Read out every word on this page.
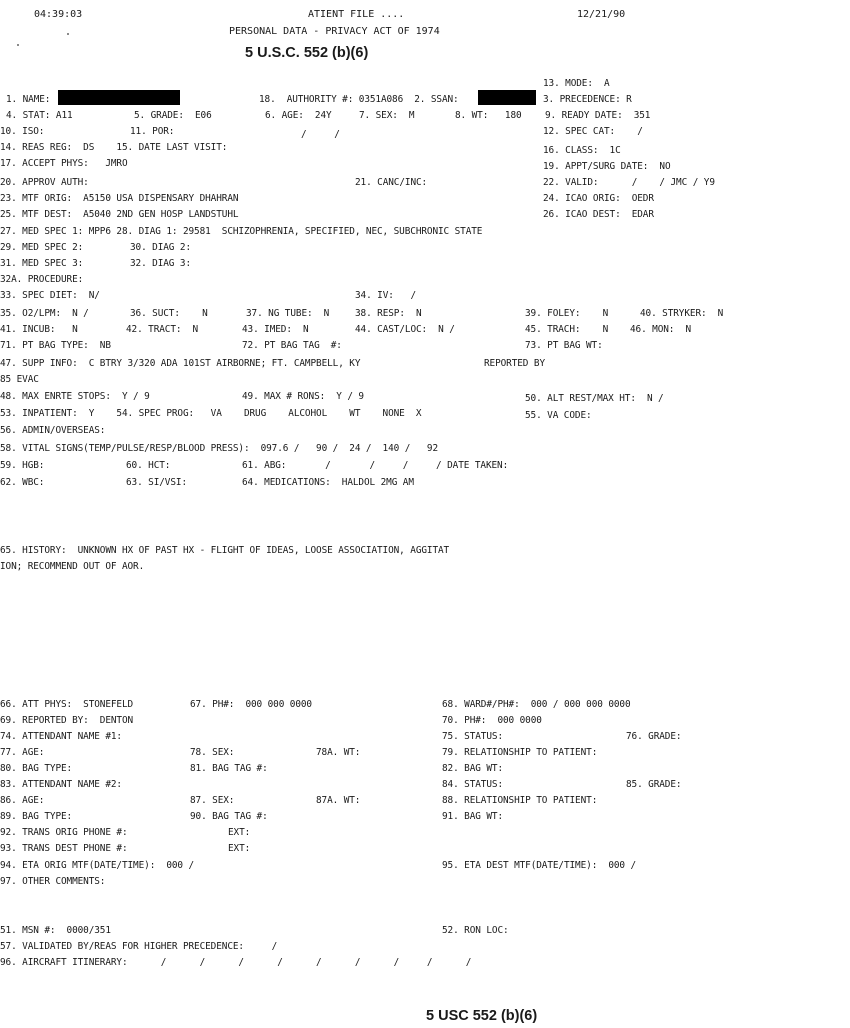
04:39:03	ATIENT FILE ....	12/21/90
PERSONAL DATA - PRIVACY ACT OF 1974
5 U.S.C. 552 (b)(6)
13. MODE:  A
1. NAME:	18.  AUTHORITY #: 0351A086  2. SSAN:	3. PRECEDENCE: R
4. STAT: A11	5. GRADE:  E06	6. AGE:  24Y	7. SEX:  M	8. WT:   180 9. READY DATE:  351
10. ISO:	11. POR:	/     /	12. SPEC CAT:    /
14. REAS REG:  DS    15. DATE LAST VISIT:	16. CLASS:  1C
17. ACCEPT PHYS:   JMRO	19. APPT/SURG DATE:  NO
20. APPROV AUTH:	21. CANC/INC:	22. VALID:      /    / JMC / Y9
23. MTF ORIG:  A5150 USA DISPENSARY DHAHRAN	24. ICAO ORIG:  OEDR
25. MTF DEST:  A5040 2ND GEN HOSP LANDSTUHL	26. ICAO DEST:  EDAR
27. MED SPEC 1: MPP6 28. DIAG 1: 29581  SCHIZOPHRENIA, SPECIFIED, NEC, SUBCHRONIC STATE
29. MED SPEC 2:	30. DIAG 2:
31. MED SPEC 3:	32. DIAG 3:
32A. PROCEDURE:
33. SPEC DIET:  N/	34. IV:   /
35. O2/LPM:  N /	36. SUCT:    N	37. NG TUBE:  N	38. RESP:  N	39. FOLEY:    N	40. STRYKER:  N
41. INCUB:   N	42. TRACT:  N	43. IMED:  N	44. CAST/LOC:  N /	45. TRACH:    N 46. MON:  N
71. PT BAG TYPE:  NB	72. PT BAG TAG  #:	73. PT BAG WT:
47. SUPP INFO:  C BTRY 3/320 ADA 101ST AIRBORNE; FT. CAMPBELL, KY	REPORTED BY
85 EVAC
48. MAX ENRTE STOPS:  Y / 9	49. MAX # RONS:  Y / 9	50. ALT REST/MAX HT:  N /
53. INPATIENT:  Y    54. SPEC PROG:   VA    DRUG    ALCOHOL    WT    NONE  X	55. VA CODE:
56. ADMIN/OVERSEAS:
58. VITAL SIGNS(TEMP/PULSE/RESP/BLOOD PRESS):  097.6 /   90 /  24 /  140 /   92
59. HGB:	60. HCT:	61. ABG:       /       /     /     / DATE TAKEN:
62. WBC:	63. SI/VSI:	64. MEDICATIONS:  HALDOL 2MG AM
65. HISTORY:  UNKNOWN HX OF PAST HX - FLIGHT OF IDEAS, LOOSE ASSOCIATION, AGGITAT
ION; RECOMMEND OUT OF AOR.
66. ATT PHYS:  STONEFELD	67. PH#:  000 000 0000	68. WARD#/PH#:  000 / 000 000 0000
69. REPORTED BY:  DENTON	70. PH#:  000 0000
74. ATTENDANT NAME #1:	75. STATUS:	76. GRADE:
77. AGE:	78. SEX:	78A. WT:	79. RELATIONSHIP TO PATIENT:
80. BAG TYPE:	81. BAG TAG #:	82. BAG WT:
83. ATTENDANT NAME #2:	84. STATUS:	85. GRADE:
86. AGE:	87. SEX:	87A. WT:	88. RELATIONSHIP TO PATIENT:
89. BAG TYPE:	90. BAG TAG #:	91. BAG WT:
92. TRANS ORIG PHONE #:	EXT:
93. TRANS DEST PHONE #:	EXT:
94. ETA ORIG MTF(DATE/TIME):  000 /	95. ETA DEST MTF(DATE/TIME):  000 /
97. OTHER COMMENTS:
51. MSN #:  0000/351	52. RON LOC:
57. VALIDATED BY/REAS FOR HIGHER PRECEDENCE:     /
96. AIRCRAFT ITINERARY:      /      /      /      /      /      /      /     /      /
5 USC 552 (b)(6)
